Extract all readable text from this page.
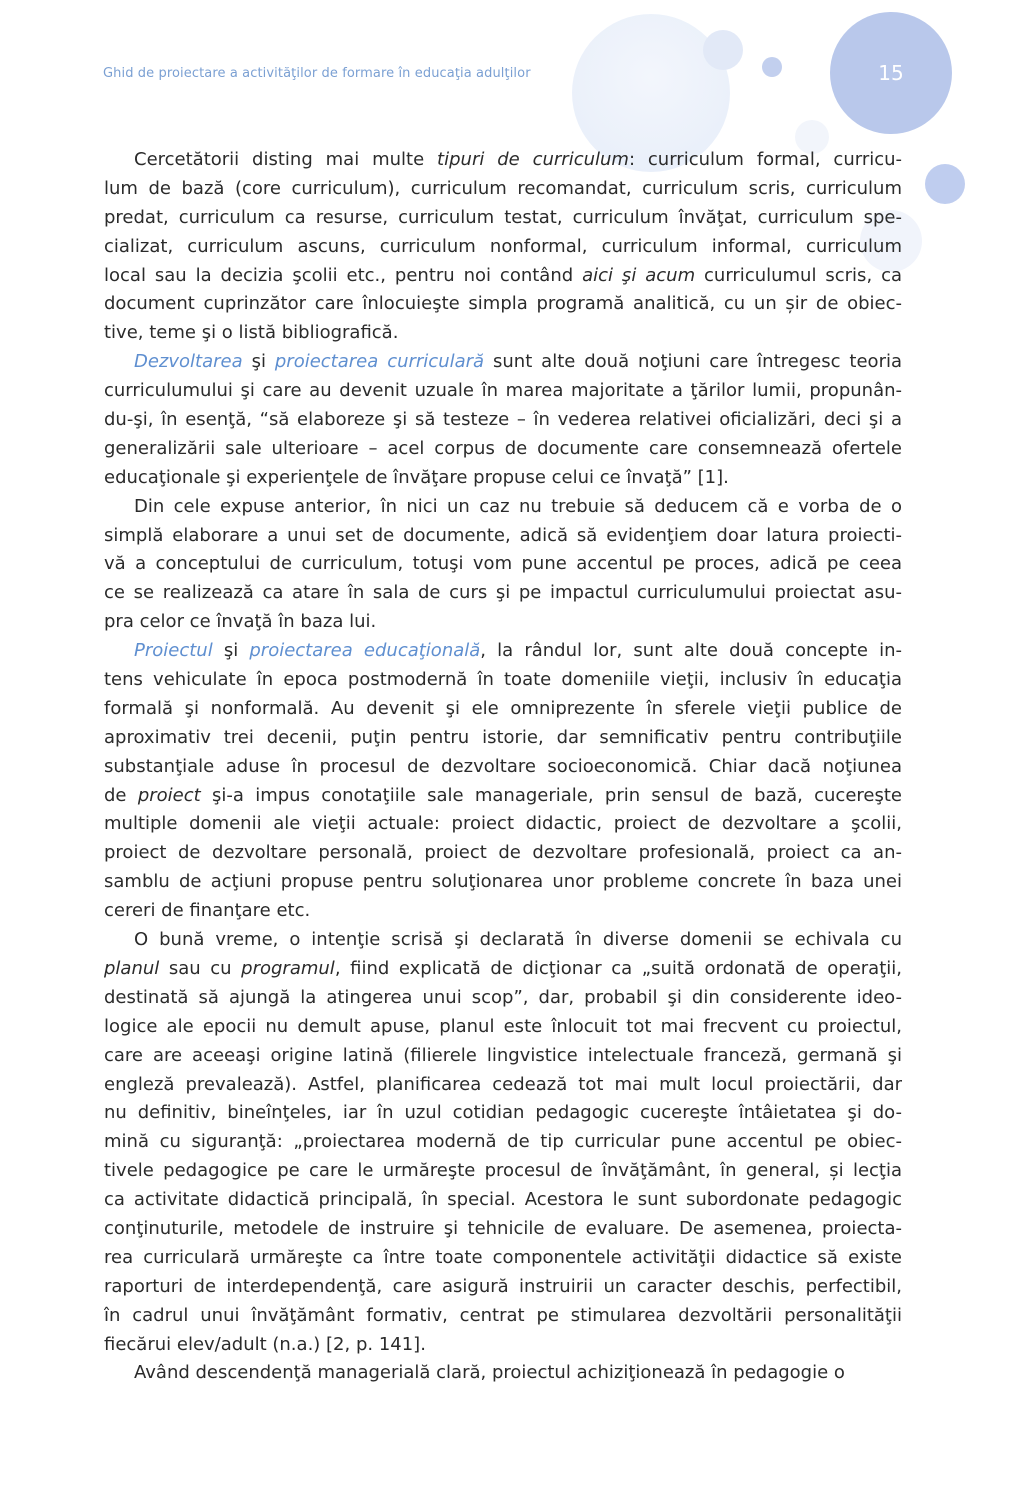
Ghid de proiectare a activităţilor de formare în educaţia adulţilor	15
Cercetătorii disting mai multe tipuri de curriculum: curriculum formal, curricu-
lum de bază (core curriculum), curriculum recomandat, curriculum scris, curriculum
predat, curriculum ca resurse, curriculum testat, curriculum învăţat, curriculum spe-
cializat, curriculum ascuns, curriculum nonformal, curriculum informal, curriculum
local sau la decizia şcolii etc., pentru noi contând aici şi acum curriculumul scris, ca
document cuprinzător care înlocuieşte simpla programă analitică, cu un șir de obiec-
tive, teme şi o listă bibliografică.
Dezvoltarea şi proiectarea curriculară sunt alte două noţiuni care întregesc teoria
curriculumului şi care au devenit uzuale în marea majoritate a ţărilor lumii, propunân-
du-şi, în esenţă, “să elaboreze şi să testeze – în vederea relativei oficializări, deci şi a
generalizării sale ulterioare – acel corpus de documente care consemnează ofertele
educaţionale şi experienţele de învăţare propuse celui ce învaţă” [1].
Din cele expuse anterior, în nici un caz nu trebuie să deducem că e vorba de o
simplă elaborare a unui set de documente, adică să evidenţiem doar latura proiecti-
vă a conceptului de curriculum, totuşi vom pune accentul pe proces, adică pe ceea
ce se realizează ca atare în sala de curs şi pe impactul curriculumului proiectat asu-
pra celor ce învaţă în baza lui.
Proiectul şi proiectarea educaţională, la rândul lor, sunt alte două concepte in-
tens vehiculate în epoca postmodernă în toate domeniile vieţii, inclusiv în educaţia
formală şi nonformală. Au devenit şi ele omniprezente în sferele vieţii publice de
aproximativ trei decenii, puţin pentru istorie, dar semnificativ pentru contribuţiile
substanţiale aduse în procesul de dezvoltare socioeconomică. Chiar dacă noţiunea
de proiect şi-a impus conotaţiile sale manageriale, prin sensul de bază, cucereşte
multiple domenii ale vieţii actuale: proiect didactic, proiect de dezvoltare a şcolii,
proiect de dezvoltare personală, proiect de dezvoltare profesională, proiect ca an-
samblu de acţiuni propuse pentru soluţionarea unor probleme concrete în baza unei
cereri de finanţare etc.
O bună vreme, o intenţie scrisă şi declarată în diverse domenii se echivala cu
planul sau cu programul, fiind explicată de dicţionar ca „suită ordonată de operaţii,
destinată să ajungă la atingerea unui scop”, dar, probabil şi din considerente ideo-
logice ale epocii nu demult apuse, planul este înlocuit tot mai frecvent cu proiectul,
care are aceeaşi origine latină (filierele lingvistice intelectuale franceză, germană şi
engleză prevalează). Astfel, planificarea cedează tot mai mult locul proiectării, dar
nu definitiv, bineînţeles, iar în uzul cotidian pedagogic cucereşte întâietatea şi do-
mină cu siguranţă: „proiectarea modernă de tip curricular pune accentul pe obiec-
tivele pedagogice pe care le urmăreşte procesul de învăţământ, în general, și lecţia
ca activitate didactică principală, în special. Acestora le sunt subordonate pedagogic
conţinuturile, metodele de instruire şi tehnicile de evaluare. De asemenea, proiecta-
rea curriculară urmăreşte ca între toate componentele activităţii didactice să existe
raporturi de interdependenţă, care asigură instruirii un caracter deschis, perfectibil,
în cadrul unui învăţământ formativ, centrat pe stimularea dezvoltării personalităţii
fiecărui elev/adult (n.a.) [2, p. 141].
Având descendenţă managerială clară, proiectul achiziţionează în pedagogie o
